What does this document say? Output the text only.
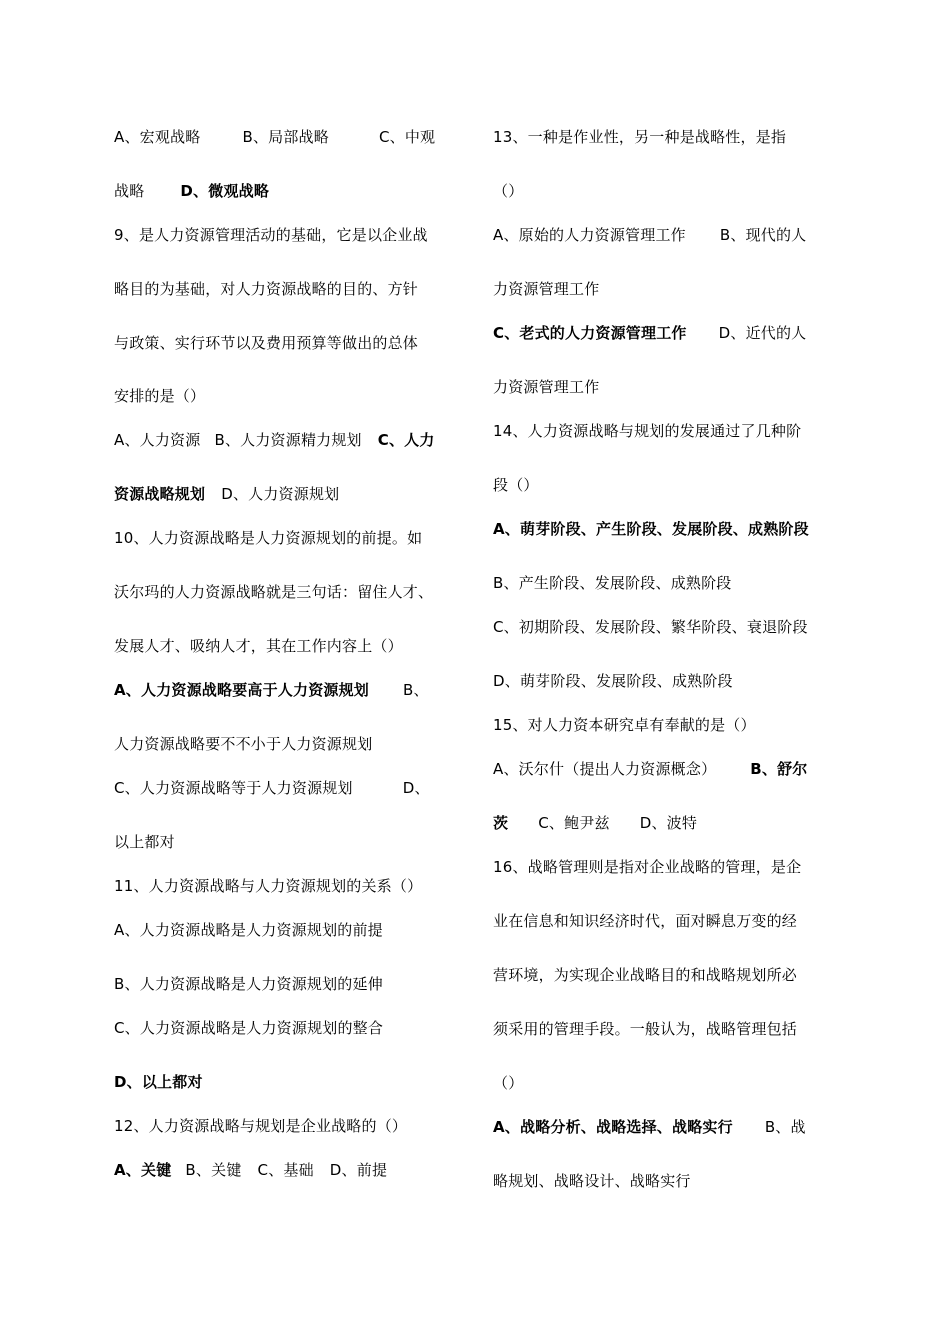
A、宏观战略	B、局部战略	C、中观
战略 D、微观战略
9、是人力资源管理活动的基础，它是以企业战
略目的为基础，对人力资源战略的目的、方针
与政策、实行环节以及费用预算等做出的总体
安排的是（）
A、人力资源 B、人力资源精力规划 C、人力
资源战略规划 D、人力资源规划
10、人力资源战略是人力资源规划的前提。如
沃尔玛的人力资源战略就是三句话：留住人才、
发展人才、吸纳人才，其在工作内容上（）
A、人力资源战略要高于人力资源规划 B、
人力资源战略要不不小于人力资源规划
C、人力资源战略等于人力资源规划	D、
以上都对
11、人力资源战略与人力资源规划的关系（）
A、人力资源战略是人力资源规划的前提
B、人力资源战略是人力资源规划的延伸
C、人力资源战略是人力资源规划的整合
D、以上都对
12、人力资源战略与规划是企业战略的（）
A、关键 B、关键 C、基础 D、前提
13、一种是作业性，另一种是战略性，是指
（）
A、原始的人力资源管理工作 B、现代的人
力资源管理工作
C、老式的人力资源管理工作 D、近代的人
力资源管理工作
14、人力资源战略与规划的发展通过了几种阶
段（）
A、萌芽阶段、产生阶段、发展阶段、成熟阶段
B、产生阶段、发展阶段、成熟阶段
C、初期阶段、发展阶段、繁华阶段、衰退阶段
D、萌芽阶段、发展阶段、成熟阶段
15、对人力资本研究卓有奉献的是（）
A、沃尔什（提出人力资源概念） B、舒尔
茨 C、鲍尹兹 D、波特
16、战略管理则是指对企业战略的管理，是企
业在信息和知识经济时代，面对瞬息万变的经
营环境，为实现企业战略目的和战略规划所必
须采用的管理手段。一般认为，战略管理包括
（）
A、战略分析、战略选择、战略实行 B、战
略规划、战略设计、战略实行
